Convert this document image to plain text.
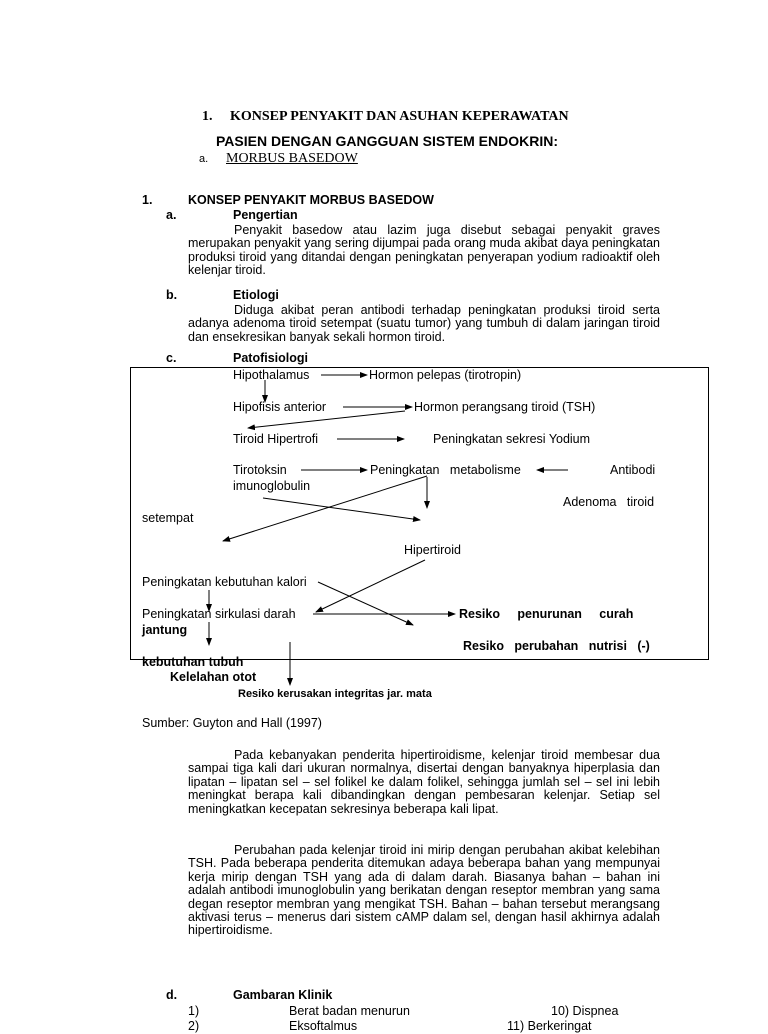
1. KONSEP PENYAKIT DAN ASUHAN KEPERAWATAN
PASIEN DENGAN GANGGUAN SISTEM ENDOKRIN:
a. MORBUS BASEDOW
1.	KONSEP PENYAKIT MORBUS BASEDOW
a.	Pengertian
Penyakit basedow atau lazim juga disebut sebagai penyakit graves merupakan penyakit yang sering dijumpai pada orang muda akibat daya peningkatan produksi tiroid yang ditandai dengan peningkatan penyerapan yodium radioaktif oleh kelenjar tiroid.
b.	Etiologi
Diduga akibat peran antibodi terhadap peningkatan produksi tiroid serta adanya adenoma tiroid setempat (suatu tumor) yang tumbuh di dalam jaringan tiroid dan ensekresikan banyak sekali hormon tiroid.
c.	Patofisiologi
Hipothalamus	Hormon pelepas (tirotropin)
Hipofisis anterior	Hormon perangsang tiroid (TSH)
Tiroid Hipertrofi	Peningkatan sekresi Yodium
Tirotoksin	Peningkatan   metabolisme	Antibodi
imunoglobulin
Adenoma   tiroid
setempat
Hipertiroid
Peningkatan kebutuhan kalori
Peningkatan sirkulasi darah	Resiko     penurunan     curah
jantung
Resiko   perubahan   nutrisi   (-)
kebutuhan tubuh
Kelelahan otot
Resiko kerusakan integritas jar. mata
Sumber: Guyton and Hall (1997)
Pada kebanyakan penderita hipertiroidisme, kelenjar tiroid membesar dua sampai tiga kali dari ukuran normalnya, disertai dengan banyaknya hiperplasia dan lipatan – lipatan sel – sel folikel ke dalam folikel, sehingga jumlah sel – sel ini lebih meningkat berapa kali dibandingkan dengan pembesaran kelenjar. Setiap sel meningkatkan kecepatan sekresinya beberapa kali lipat.
Perubahan pada kelenjar tiroid ini mirip dengan perubahan akibat kelebihan TSH. Pada beberapa penderita ditemukan adaya beberapa bahan yang mempunyai kerja mirip dengan TSH yang ada di dalam darah. Biasanya bahan – bahan ini adalah antibodi imunoglobulin yang berikatan dengan reseptor membran yang sama degan reseptor membran yang mengikat TSH. Bahan – bahan tersebut merangsang aktivasi terus – menerus dari sistem cAMP dalam sel, dengan hasil akhirnya adalah hipertiroidisme.
d.	Gambaran Klinik
1)	Berat badan menurun	10) Dispnea
2)	Eksoftalmus	11) Berkeringat
